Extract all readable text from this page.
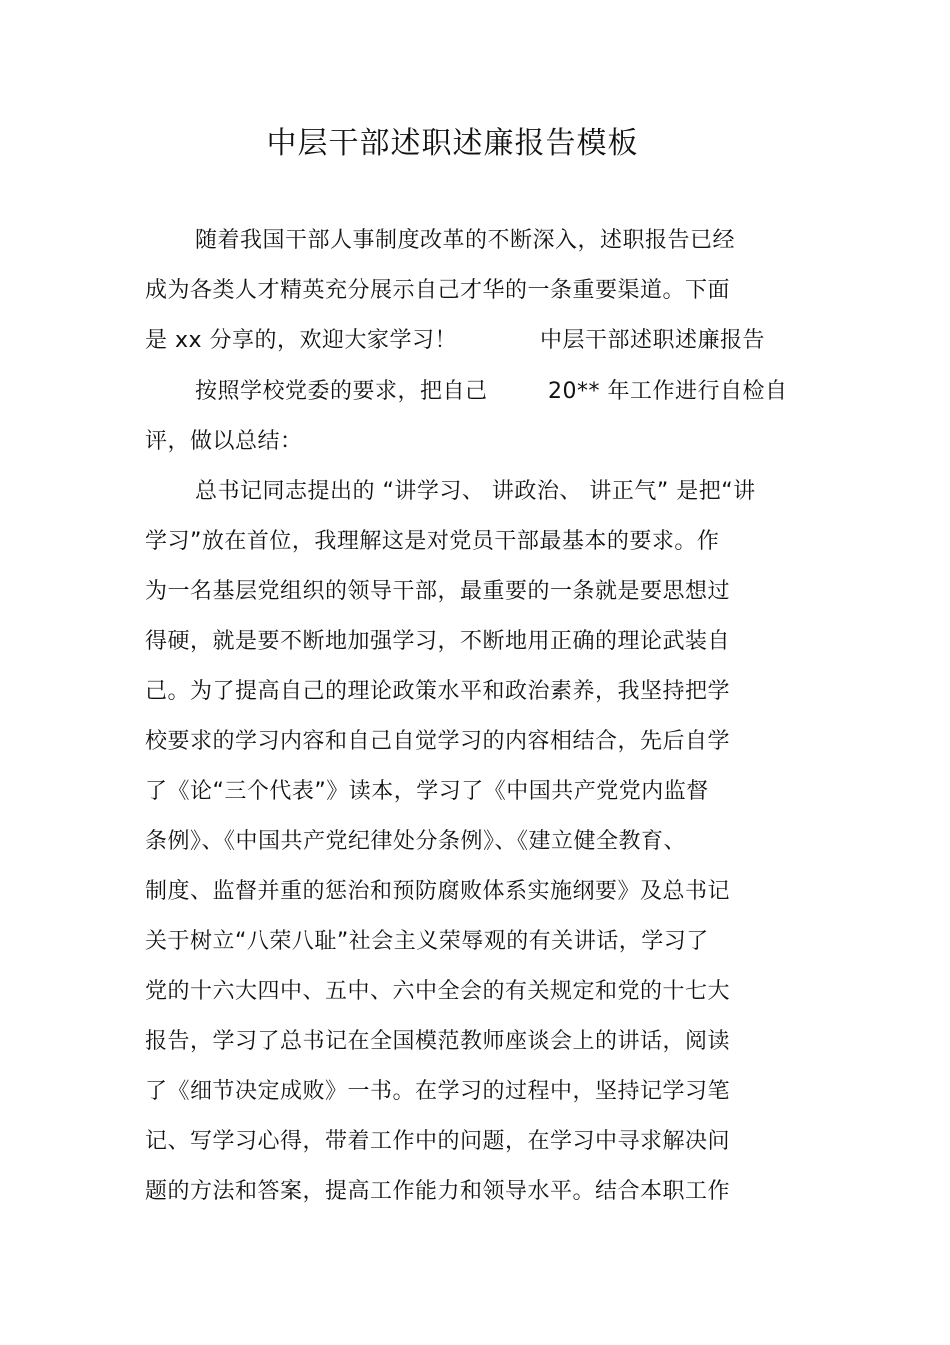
中层干部述职述廉报告模板
随着我国干部人事制度改革的不断深入，述职报告已经
成为各类人才精英充分展示自己才华的一条重要渠道。下面
是 xx 分享的，欢迎大家学习！	中层干部述职述廉报告
按照学校党委的要求，把自己	20** 年工作进行自检自
评，做以总结：
总书记同志提出的 “讲学习、 讲政治、 讲正气” 是把“讲
学习”放在首位，我理解这是对党员干部最基本的要求。作
为一名基层党组织的领导干部，最重要的一条就是要思想过
得硬，就是要不断地加强学习，不断地用正确的理论武装自
己。为了提高自己的理论政策水平和政治素养，我坚持把学
校要求的学习内容和自己自觉学习的内容相结合，先后自学
了《论“三个代表”》读本，学习了《中国共产党党内监督
条例》、《中国共产党纪律处分条例》、《建立健全教育、
制度、监督并重的惩治和预防腐败体系实施纲要》及总书记
关于树立“八荣八耻”社会主义荣辱观的有关讲话，学习了
党的十六大四中、五中、六中全会的有关规定和党的十七大
报告，学习了总书记在全国模范教师座谈会上的讲话，阅读
了《细节决定成败》一书。在学习的过程中，坚持记学习笔
记、写学习心得，带着工作中的问题，在学习中寻求解决问
题的方法和答案，提高工作能力和领导水平。结合本职工作
